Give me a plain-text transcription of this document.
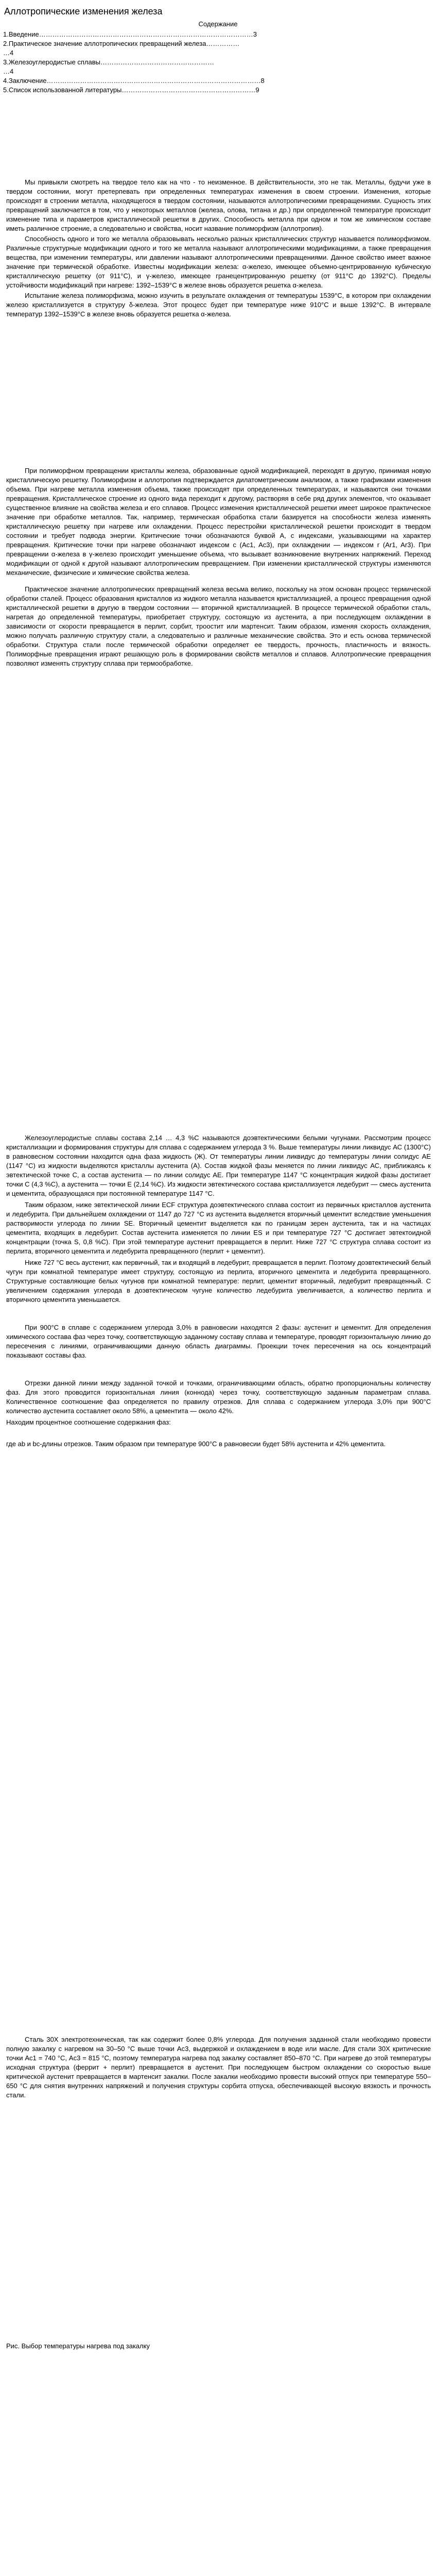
Аллотропические изменения железа
Содержание
1.Введение……………………………………………………………………………………3
2.Практическое значение аллотропических превращений железа……………
…4
3.Железоуглеродистые сплавы……………………………………………
…4
4.Заключение……………………………………………………………………………………8
5.Список использованной литературы……………………………………………………9

Мы привыкли смотреть на твердое тело как на что - то неизменное. В действительности, это не так. Металлы, будучи уже в твердом состоянии, могут претерпевать при определенных температурах изменения в своем строении. Изменения, которые происходят в строении металла, находящегося в твердом состоянии, называются аллотропическими превращениями. Сущность этих превращений заключается в том, что у некоторых металлов (железа, олова, титана и др.) при определенной температуре происходит изменение типа и параметров кристаллической решетки в других. Способность металла при одном и том же химическом составе иметь различное строение, а следовательно и свойства, носит название полиморфизм (аллотропия).

Способность одного и того же металла образовывать несколько разных кристаллических структур называется полиморфизмом. Различные структурные модификации одного и того же металла называют аллотропическими модификациями, а также превращения вещества, при изменении температуры, или давлении называют аллотропическими превращениями. Данное свойство имеет важное значение при термической обработке. Известны модификации железа: α-железо, имеющее объемно-центрированную кубическую кристаллическую решетку (от 911°C), и γ-железо, имеющее гранецентрированную решетку (от 911°C до 1392°С). Пределы устойчивости модификаций при нагреве: 1392–1539°С в железе вновь образуется решетка α-железа.

Испытание железа полиморфизма, можно изучить в результате охлаждения от температуры 1539°С, в котором при охлаждении железо кристаллизуется в структуру δ-железа. Этот процесс будет при температуре ниже 910°С и выше 1392°С. В интервале температур 1392–1539°С в железе вновь образуется решетка α-железа.

При полиморфном превращении кристаллы железа, образованные одной модификацией, переходят в другую, принимая новую кристаллическую решетку. Полиморфизм и аллотропия подтверждается дилатометрическим анализом, а также графиками изменения объема. При нагреве металла изменения объема, также происходят при определенных температурах, и называются они точками превращения. Кристаллическое строение из одного вида переходит к другому, растворяя в себе ряд других элементов, что оказывает существенное влияние на свойства железа и его сплавов. Процесс изменения кристаллической решетки имеет широкое практическое значение при обработке металлов. Так, например, термическая обработка стали базируется на способности железа изменять кристаллическую решетку при нагреве или охлаждении. Процесс перестройки кристаллической решетки происходит в твердом состоянии и требует подвода энергии. Критические точки обозначаются буквой А, с индексами, указывающими на характер превращения. Критические точки при нагреве обозначают индексом c (Ac1, Ac3), при охлаждении — индексом r (Ar1, Ar3). При превращении α-железа в γ-железо происходит уменьшение объема, что вызывает возникновение внутренних напряжений. Переход модификации от одной к другой называют аллотропическим превращением. При изменении кристаллической структуры изменяются механические, физические и химические свойства железа.

Практическое значение аллотропических превращений железа весьма велико, поскольку на этом основан процесс термической обработки сталей. Процесс образования кристаллов из жидкого металла называется кристаллизацией, а процесс превращения одной кристаллической решетки в другую в твердом состоянии — вторичной кристаллизацией. В процессе термической обработки сталь, нагретая до определенной температуры, приобретает структуру, состоящую из аустенита, а при последующем охлаждении в зависимости от скорости превращается в перлит, сорбит, троостит или мартенсит. Таким образом, изменяя скорость охлаждения, можно получать различную структуру стали, а следовательно и различные механические свойства. Это и есть основа термической обработки. Структура стали после термической обработки определяет ее твердость, прочность, пластичность и вязкость. Полиморфные превращения играют решающую роль в формировании свойств металлов и сплавов. Аллотропические превращения позволяют изменять структуру сплава при термообработке.

Железоуглеродистые сплавы состава 2,14 … 4,3 %С называются доэвтектическими белыми чугунами. Рассмотрим процесс кристаллизации и формирования структуры для сплава с содержанием углерода 3 %. Выше температуры линии ликвидус АС (1300°С) в равновесном состоянии находится одна фаза жидкость (Ж). От температуры линии ликвидус до температуры линии солидус АЕ (1147 °С) из жидкости выделяются кристаллы аустенита (А). Состав жидкой фазы меняется по линии ликвидус АС, приближаясь к эвтектической точке С, а состав аустенита — по линии солидус АЕ. При температуре 1147 °С концентрация жидкой фазы достигает точки С (4,3 %С), а аустенита — точки Е (2,14 %С). Из жидкости эвтектического состава кристаллизуется ледебурит — смесь аустенита и цементита, образующаяся при постоянной температуре 1147 °С.

Таким образом, ниже эвтектической линии ECF структура доэвтектического сплава состоит из первичных кристаллов аустенита и ледебурита. При дальнейшем охлаждении от 1147 до 727 °С из аустенита выделяется вторичный цементит вследствие уменьшения растворимости углерода по линии SE. Вторичный цементит выделяется как по границам зерен аустенита, так и на частицах цементита, входящих в ледебурит. Состав аустенита изменяется по линии ES и при температуре 727 °С достигает эвтектоидной концентрации (точка S, 0,8 %С). При этой температуре аустенит превращается в перлит. Ниже 727 °С структура сплава состоит из перлита, вторичного цементита и ледебурита превращенного (перлит + цементит).

Ниже 727 °С весь аустенит, как первичный, так и входящий в ледебурит, превращается в перлит. Поэтому доэвтектический белый чугун при комнатной температуре имеет структуру, состоящую из перлита, вторичного цементита и ледебурита превращенного. Структурные составляющие белых чугунов при комнатной температуре: перлит, цементит вторичный, ледебурит превращенный. С увеличением содержания углерода в доэвтектическом чугуне количество ледебурита увеличивается, а количество перлита и вторичного цементита уменьшается.

При 900°С в сплаве с содержанием углерода 3,0% в равновесии находятся 2 фазы: аустенит и цементит. Для определения химического состава фаз через точку, соответствующую заданному составу сплава и температуре, проводят горизонтальную линию до пересечения с линиями, ограничивающими данную область диаграммы. Проекции точек пересечения на ось концентраций показывают составы фаз.

Отрезки данной линии между заданной точкой и точками, ограничивающими область, обратно пропорциональны количеству фаз. Для этого проводится горизонтальная линия (коннода) через точку, соответствующую заданным параметрам сплава. Количественное соотношение фаз определяется по правилу отрезков. Для сплава с содержанием углерода 3,0% при 900°С количество аустенита составляет около 58%, а цементита — около 42%.

Находим процентное соотношение содержания фаз:

где ab и bc-длины отрезков. Таким образом при температуре 900°С в равновесии будет 58% аустенита и 42% цементита.

Сталь 30Х электротехническая, так как содержит более 0,8% углерода. Для получения заданной стали необходимо провести полную закалку с нагревом на 30–50 °С выше точки Ас3, выдержкой и охлаждением в воде или масле. Для стали 30Х критические точки Ас1 = 740 °С, Ас3 = 815 °С, поэтому температура нагрева под закалку составляет 850–870 °С. При нагреве до этой температуры исходная структура (феррит + перлит) превращается в аустенит. При последующем быстром охлаждении со скоростью выше критической аустенит превращается в мартенсит закалки. После закалки необходимо провести высокий отпуск при температуре 550–650 °С для снятия внутренних напряжений и получения структуры сорбита отпуска, обеспечивающей высокую вязкость и прочность стали.

Рис. Выбор температуры нагрева под закалку
